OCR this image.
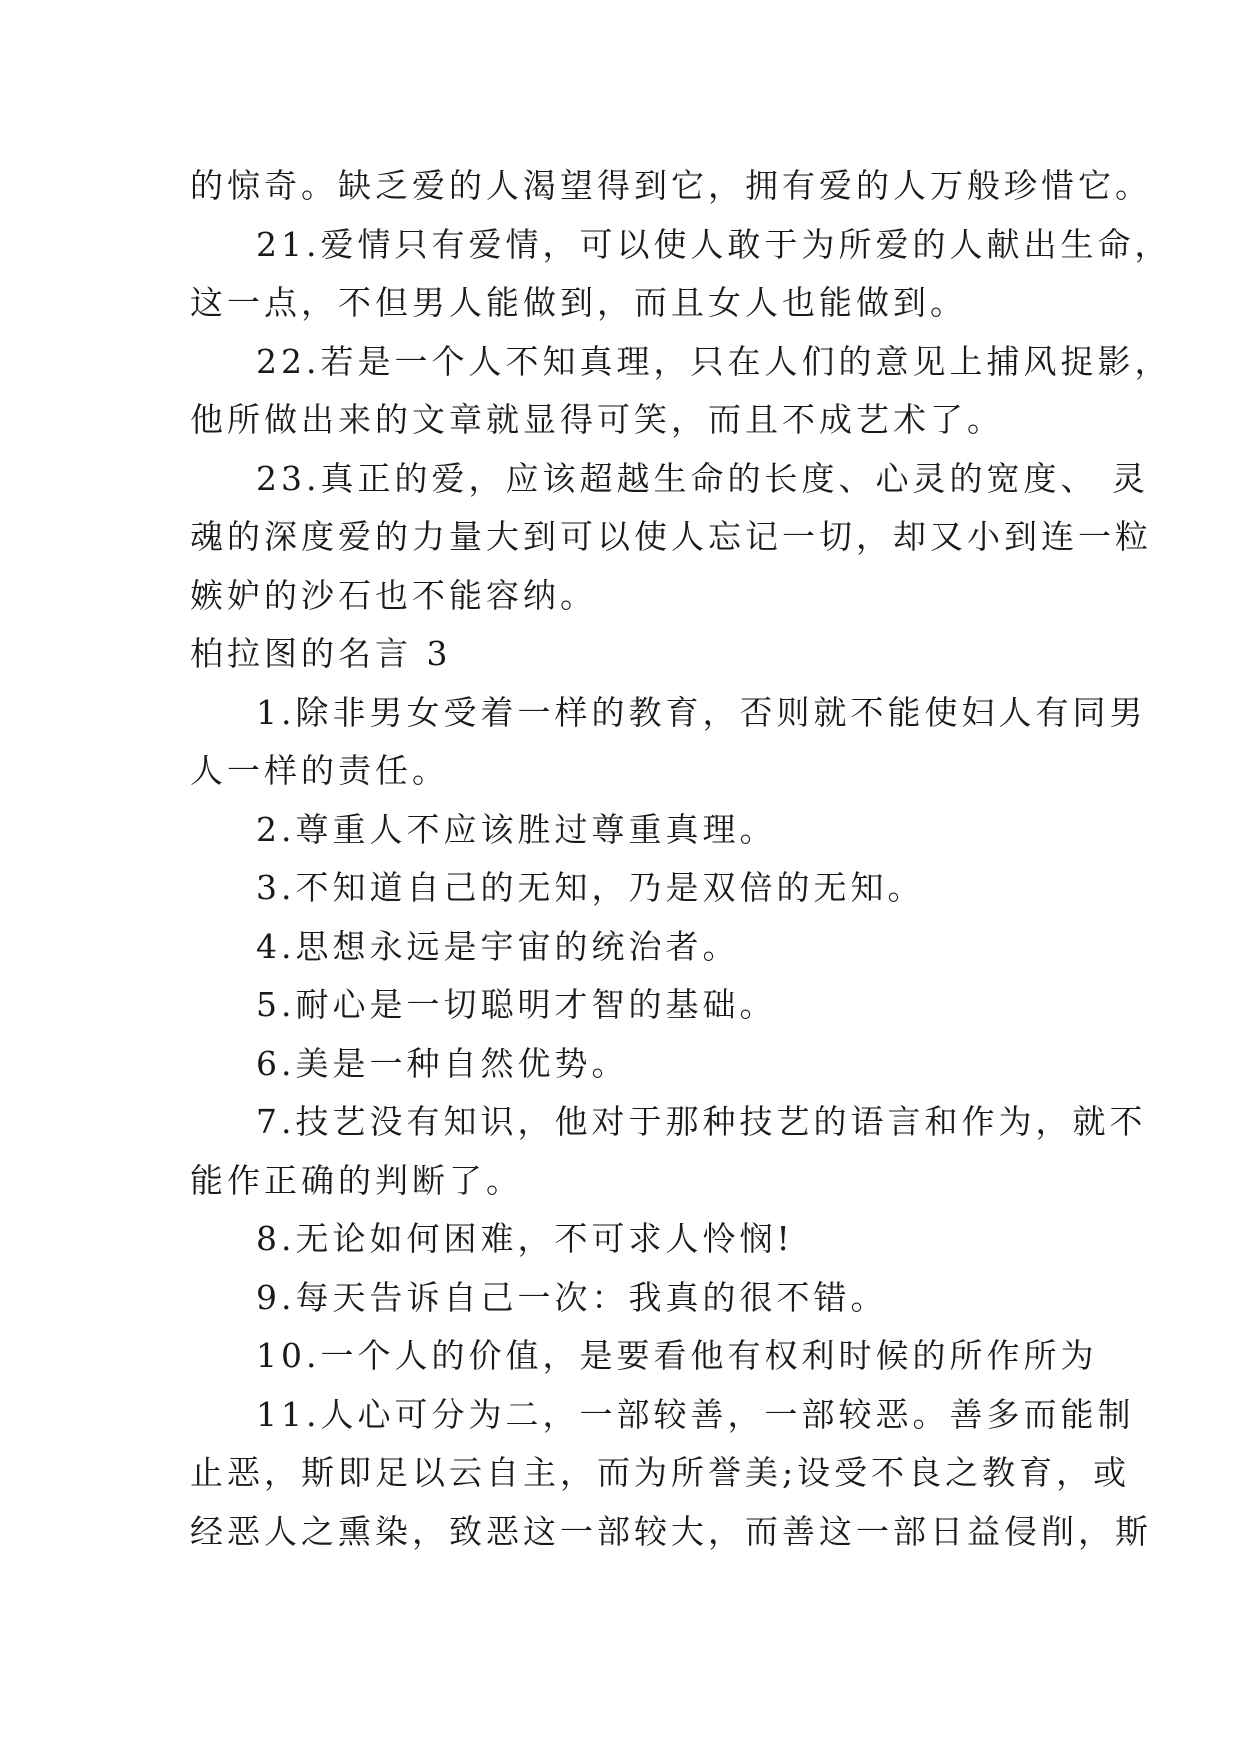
的惊奇。缺乏爱的人渴望得到它，拥有爱的人万般珍惜它。
21.爱情只有爱情，可以使人敢于为所爱的人献出生命，
这一点，不但男人能做到，而且女人也能做到。
22.若是一个人不知真理，只在人们的意见上捕风捉影，
他所做出来的文章就显得可笑，而且不成艺术了。
23.真正的爱，应该超越生命的长度、心灵的宽度、 灵
魂的深度爱的力量大到可以使人忘记一切，却又小到连一粒
嫉妒的沙石也不能容纳。
柏拉图的名言 3
1.除非男女受着一样的教育，否则就不能使妇人有同男
人一样的责任。
2.尊重人不应该胜过尊重真理。
3.不知道自己的无知，乃是双倍的无知。
4.思想永远是宇宙的统治者。
5.耐心是一切聪明才智的基础。
6.美是一种自然优势。
7.技艺没有知识，他对于那种技艺的语言和作为，就不
能作正确的判断了。
8.无论如何困难，不可求人怜悯!
9.每天告诉自己一次：我真的很不错。
10.一个人的价值，是要看他有权利时候的所作所为
11.人心可分为二，一部较善，一部较恶。善多而能制
止恶，斯即足以云自主，而为所誉美;设受不良之教育，或
经恶人之熏染，致恶这一部较大，而善这一部日益侵削，斯
